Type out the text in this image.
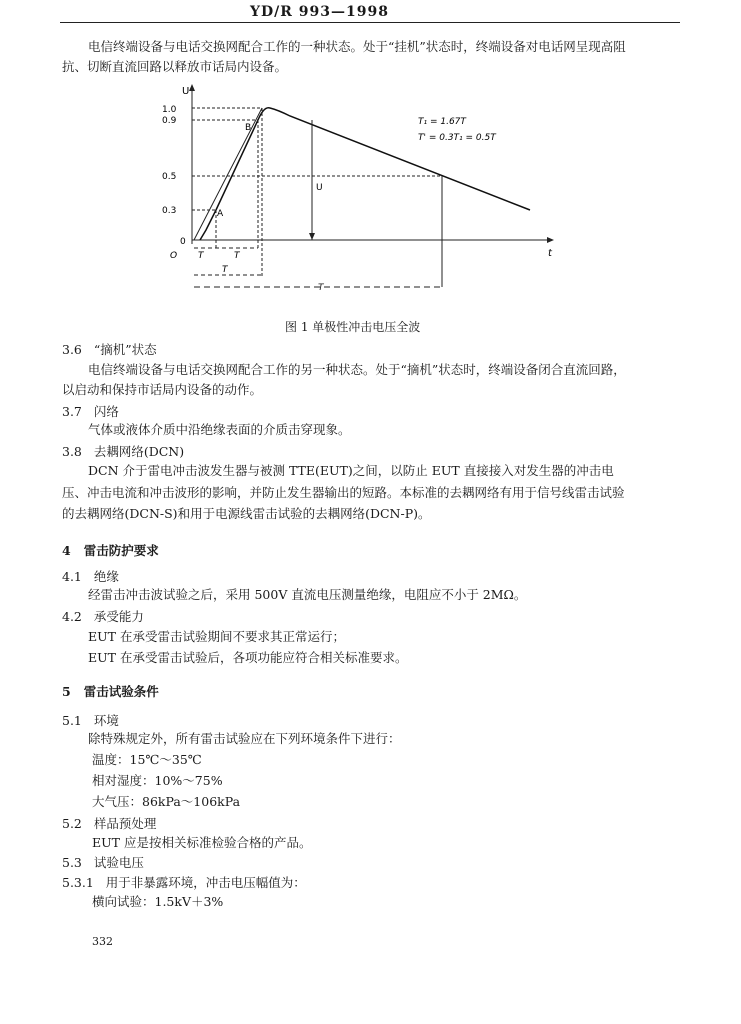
YD/R 993—1998
电信终端设备与电话交换网配合工作的一种状态。处于“挂机”状态时，终端设备对电话网呈现高阻
抗、切断直流回路以释放市话局内设备。
U
t
1.0
0.9
0.5
0.3
0
O
A
B
U
T	T
T
T
T₁ = 1.67T
T' = 0.3T₁ = 0.5T
图 1 单极性冲击电压全波
3.6 “摘机”状态
电信终端设备与电话交换网配合工作的另一种状态。处于“摘机”状态时，终端设备闭合直流回路，
以启动和保持市话局内设备的动作。
3.7 闪络
气体或液体介质中沿绝缘表面的介质击穿现象。
3.8 去耦网络(DCN)
DCN 介于雷电冲击波发生器与被测 TTE(EUT)之间，以防止 EUT 直接接入对发生器的冲击电
压、冲击电流和冲击波形的影响，并防止发生器输出的短路。本标准的去耦网络有用于信号线雷击试验
的去耦网络(DCN-S)和用于电源线雷击试验的去耦网络(DCN-P)。
4 雷击防护要求
4.1 绝缘
经雷击冲击波试验之后，采用 500V 直流电压测量绝缘，电阻应不小于 2MΩ。
4.2 承受能力
EUT 在承受雷击试验期间不要求其正常运行；
EUT 在承受雷击试验后，各项功能应符合相关标准要求。
5 雷击试验条件
5.1 环境
除特殊规定外，所有雷击试验应在下列环境条件下进行：
温度：15℃～35℃
相对湿度：10%～75%
大气压：86kPa～106kPa
5.2 样品预处理
EUT 应是按相关标准检验合格的产品。
5.3 试验电压
5.3.1 用于非暴露环境，冲击电压幅值为：
横向试验：1.5kV＋3%
332
